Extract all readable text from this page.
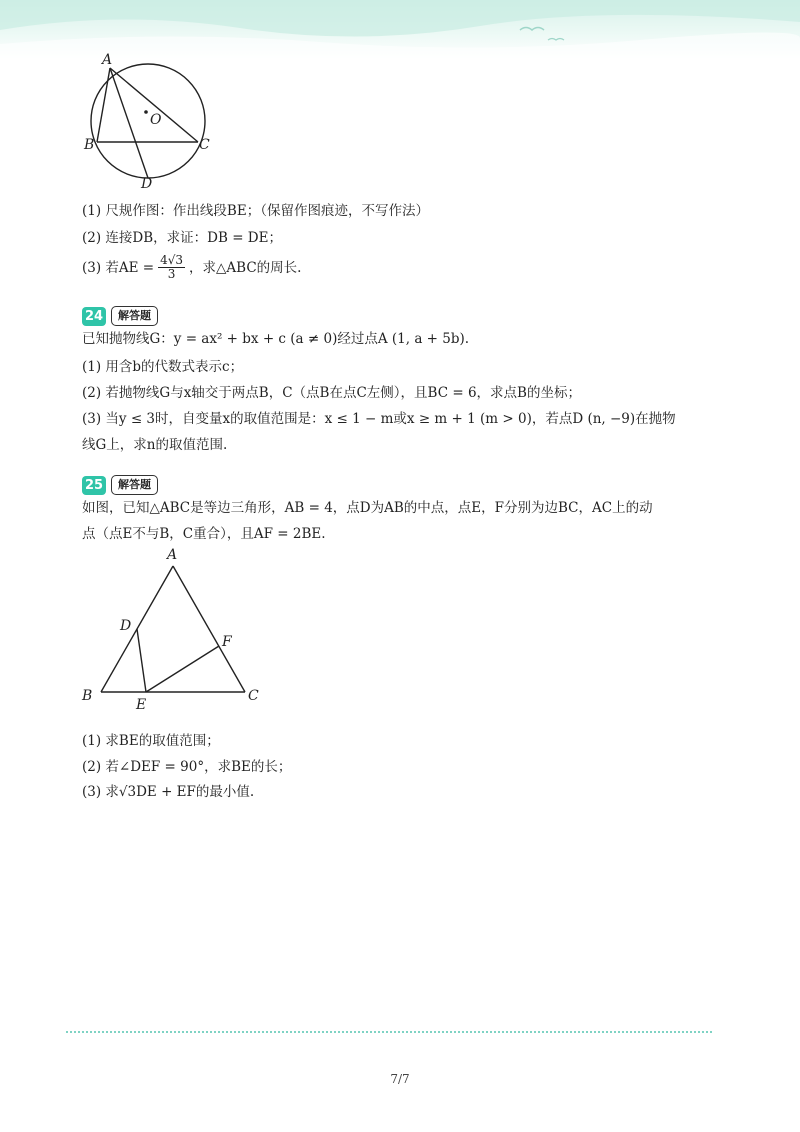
A
B	C
D
O
(1) 尺规作图：作出线段BE；（保留作图痕迹，不写作法）
(2) 连接DB，求证：DB = DE；
(3) 若AE = $\frac{4√3}{3}$ ，求△ABC的周长.
24	解答题
已知抛物线G：y = ax² + bx + c (a ≠ 0)经过点A (1, a + 5b).
(1) 用含b的代数式表示c；
(2) 若抛物线G与x轴交于两点B，C（点B在点C左侧），且BC = 6，求点B的坐标；
(3) 当y ≤ 3时，自变量x的取值范围是：x ≤ 1 − m或x ≥ m + 1 (m > 0)，若点D (n, −9)在抛物
线G上，求n的取值范围.
25	解答题
如图，已知△ABC是等边三角形，AB = 4，点D为AB的中点，点E，F分别为边BC，AC上的动
点（点E不与B，C重合），且AF = 2BE.
A
B	C
D
E
F
(1) 求BE的取值范围；
(2) 若∠DEF = 90°，求BE的长；
(3) 求√3DE + EF的最小值.
7/7
